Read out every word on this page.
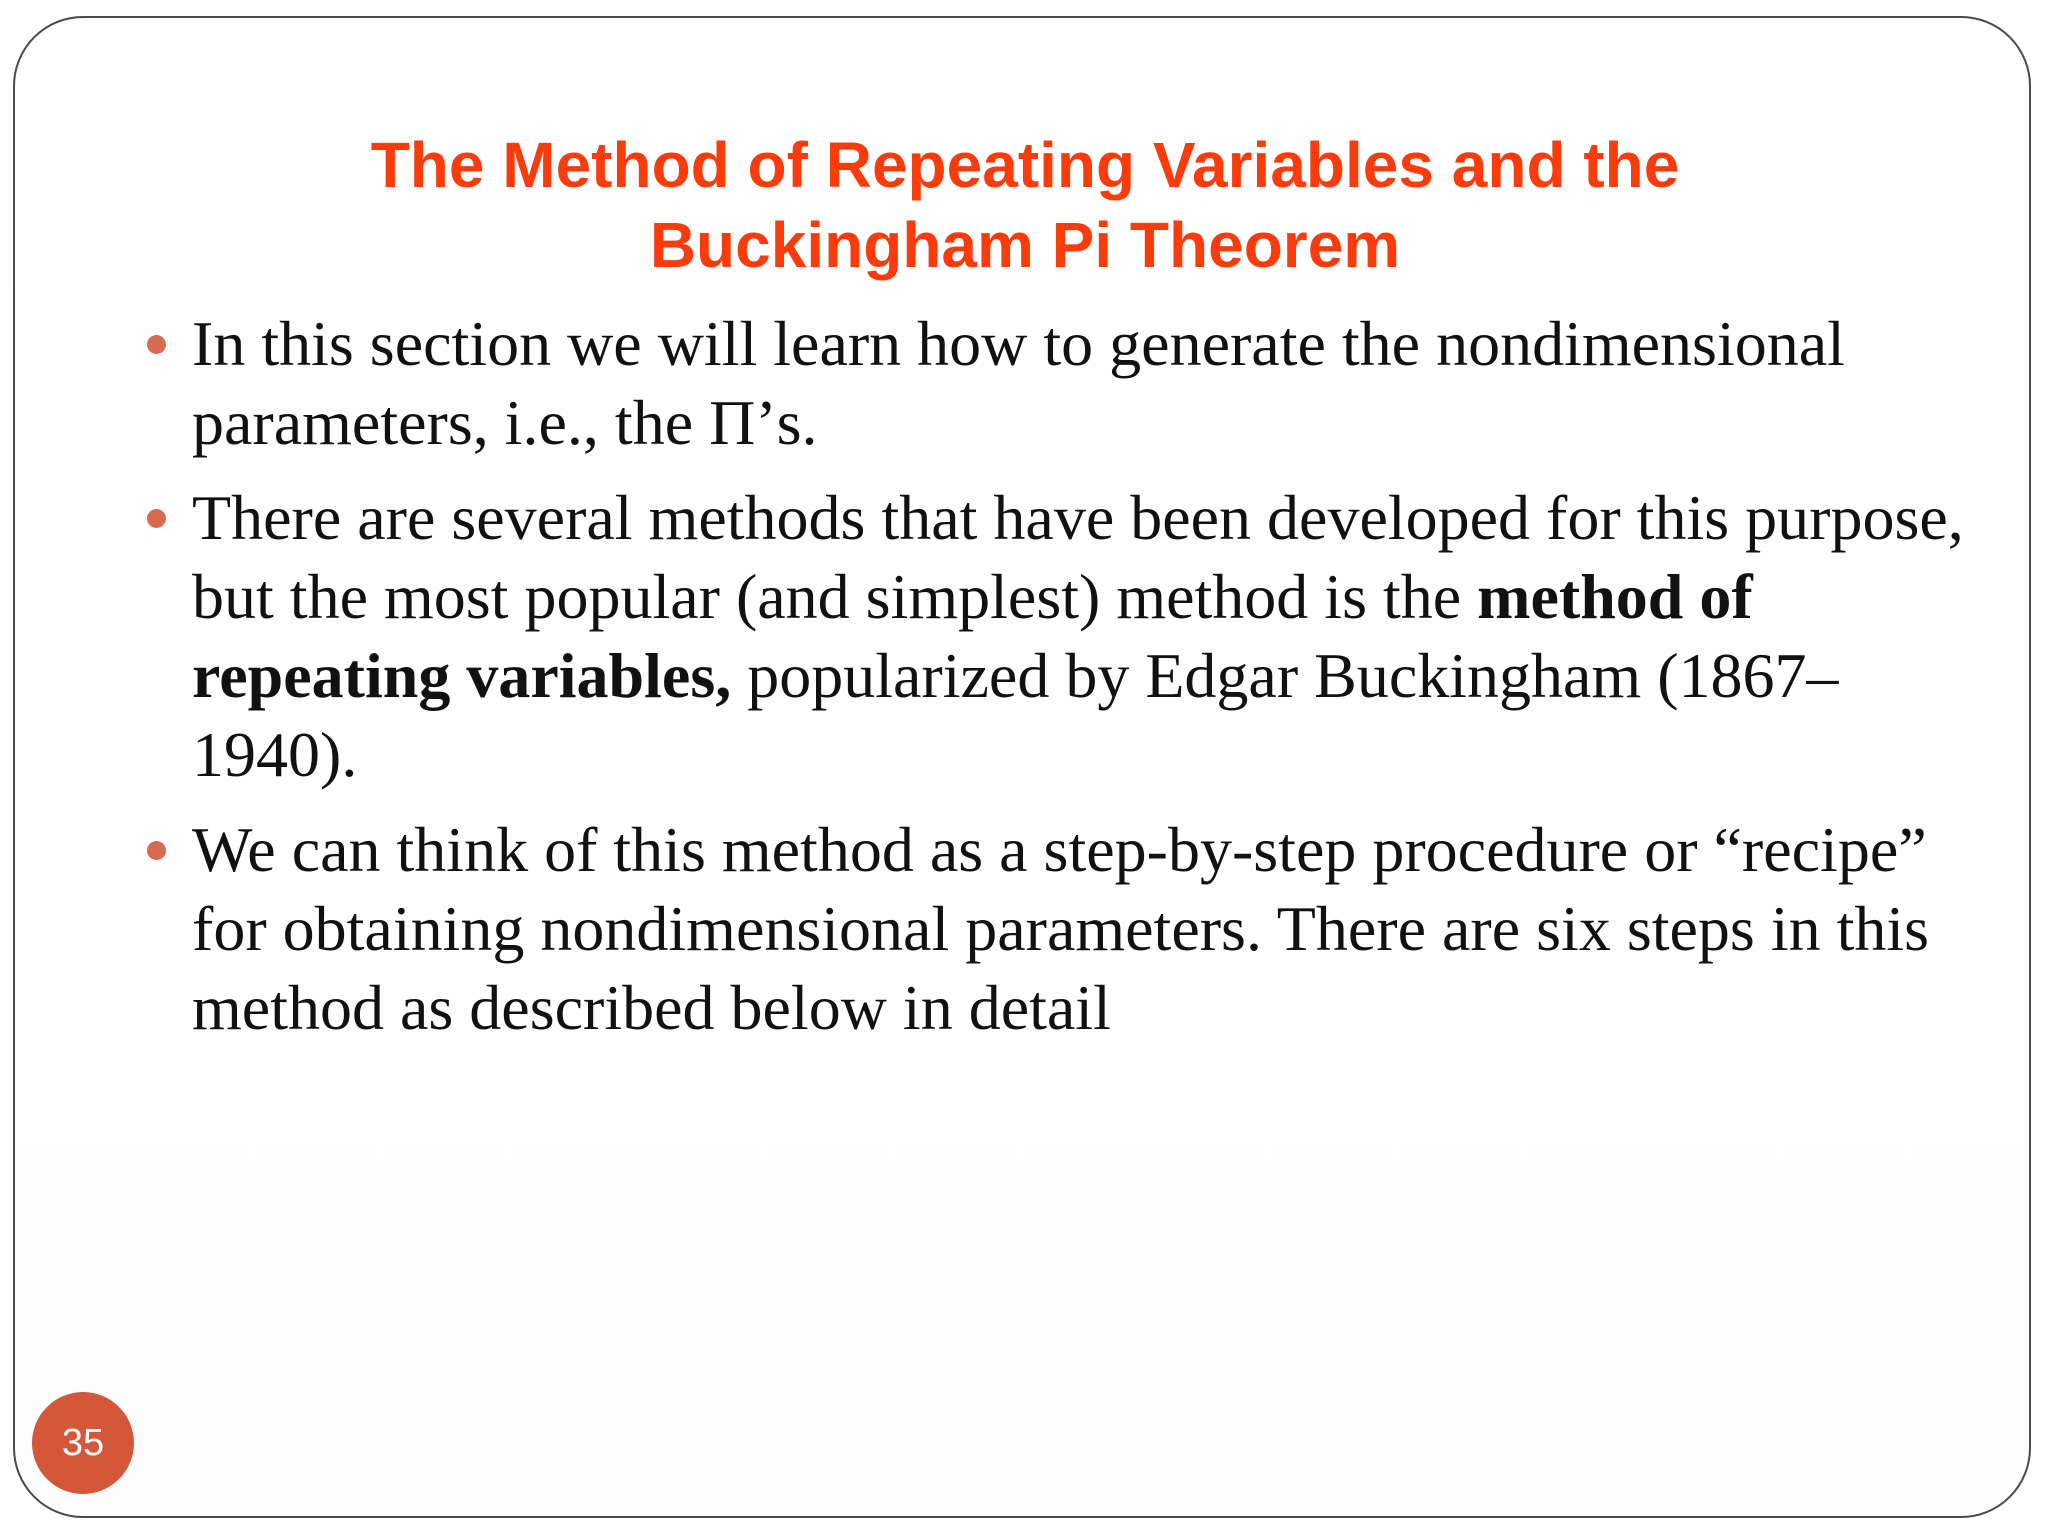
The Method of Repeating Variables and the
Buckingham Pi Theorem
In this section we will learn how to generate the nondimensional parameters, i.e., the Π’s.
There are several methods that have been developed for this purpose, but the most popular (and simplest) method is the method of repeating variables, popularized by Edgar Buckingham (1867–1940).
We can think of this method as a step-by-step procedure or “recipe” for obtaining nondimensional parameters. There are six steps in this method as described below in detail
35
